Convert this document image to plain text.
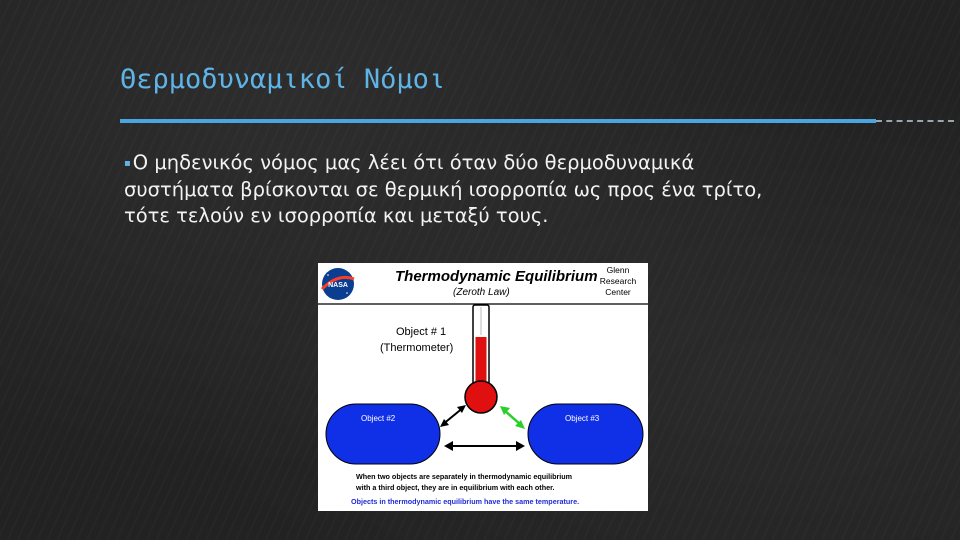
Θερμοδυναμικοί Νόμοι
▪ Ο μηδενικός νόμος μας λέει ότι όταν δύο θερμοδυναμικά
συστήματα βρίσκονται σε θερμική ισορροπία ως προς ένα τρίτο,
τότε τελούν εν ισορροπία και μεταξύ τους.
NASA
Thermodynamic Equilibrium
(Zeroth Law)
Glenn
Research
Center
Object # 1
(Thermometer)
Object #2	Object #3
When two objects are separately in thermodynamic equilibrium
with a third object, they are in equilibrium with each other.
Objects in thermodynamic equilibrium have the same temperature.
